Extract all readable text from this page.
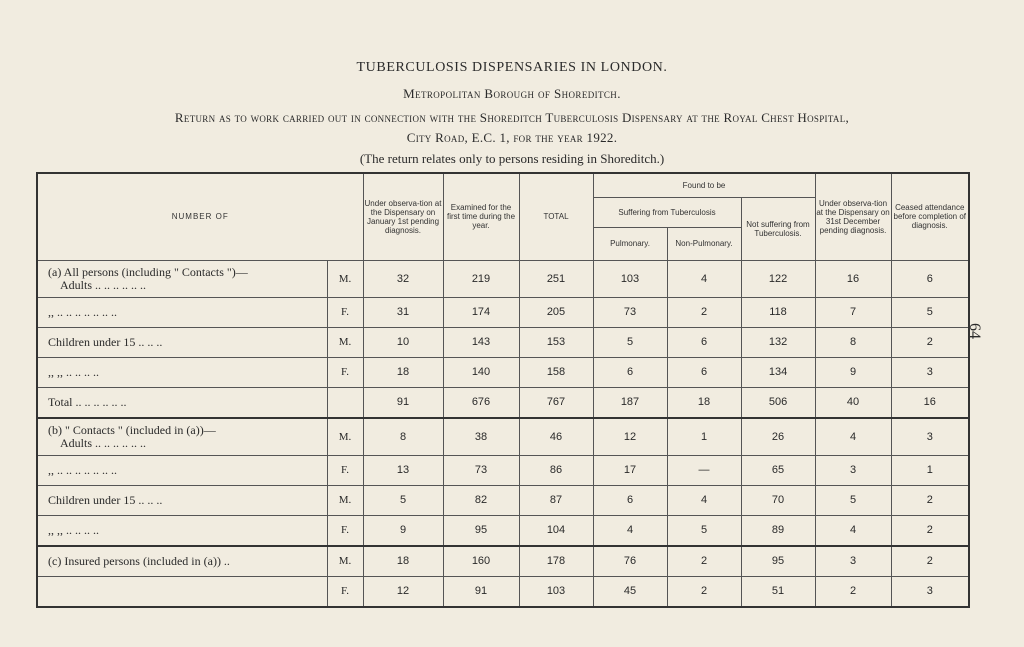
TUBERCULOSIS DISPENSARIES IN LONDON.
Metropolitan Borough of Shoreditch.
Return as to work carried out in connection with the Shoreditch Tuberculosis Dispensary at the Royal Chest Hospital,
City Road, E.C. 1, for the year 1922.
(The return relates only to persons residing in Shoreditch.)
64
NUMBER OF		Under observa-tion at the Dispensary on January 1st pending diagnosis.	Examined for the first time during the year.	TOTAL	Found to be			Under observa-tion at the Dispensary on 31st December pending diagnosis.	Ceased attendance before completion of diagnosis.
					Suffering from Tuberculosis		Not suffering from Tuberculosis.		
					Pulmonary.	Non-Pulmonary.			

(a) All persons (including " Contacts ")—
Adults .. .. .. .. .. ..	M.	32	219	251	103	4	122	16	6

,, .. .. .. .. .. .. ..	F.	31	174	205	73	2	118	7	5

Children under 15 .. .. ..	M.	10	143	153	5	6	132	8	2

,, ,, .. .. .. ..	F.	18	140	158	6	6	134	9	3

Total .. .. .. .. .. ..		91	676	767	187	18	506	40	16

(b) " Contacts " (included in (a))—
Adults .. .. .. .. .. ..	M.	8	38	46	12	1	26	4	3

,, .. .. .. .. .. .. ..	F.	13	73	86	17	—	65	3	1

Children under 15 .. .. ..	M.	5	82	87	6	4	70	5	2

,, ,, .. .. .. ..	F.	9	95	104	4	5	89	4	2

(c) Insured persons (included in (a)) ..	M.	18	160	178	76	2	95	3	2

	F.	12	91	103	45	2	51	2	3
